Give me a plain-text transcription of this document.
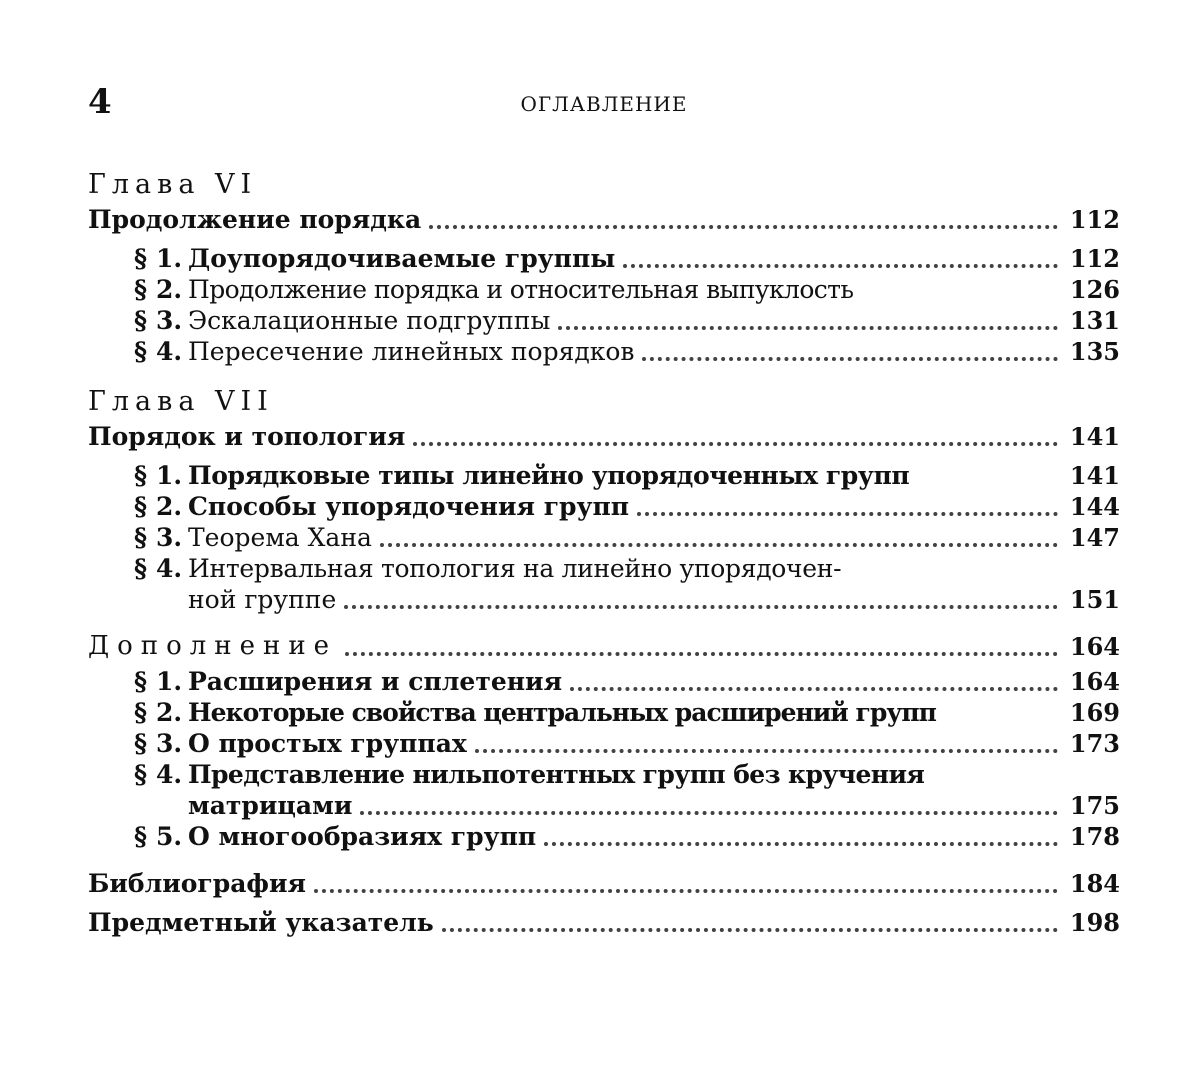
4	ОГЛАВЛЕНИЕ
Глава VI
Продолжение порядка	112
§ 1. Доупорядочиваемые группы	112
§ 2. Продолжение порядка и относительная выпуклость	126
§ 3. Эскалационные подгруппы	131
§ 4. Пересечение линейных порядков	135
Глава VII
Порядок и топология	141
§ 1. Порядковые типы линейно упорядоченных групп	141
§ 2. Способы упорядочения групп	144
§ 3. Теорема Хана	147
§ 4. Интервальная топология на линейно упорядочен-
ной группе	151
Дополнение	164
§ 1. Расширения и сплетения	164
§ 2. Некоторые свойства центральных расширений групп	169
§ 3. О простых группах	173
§ 4. Представление нильпотентных групп без кручения
матрицами	175
§ 5. О многообразиях групп	178
Библиография	184
Предметный указатель	198
